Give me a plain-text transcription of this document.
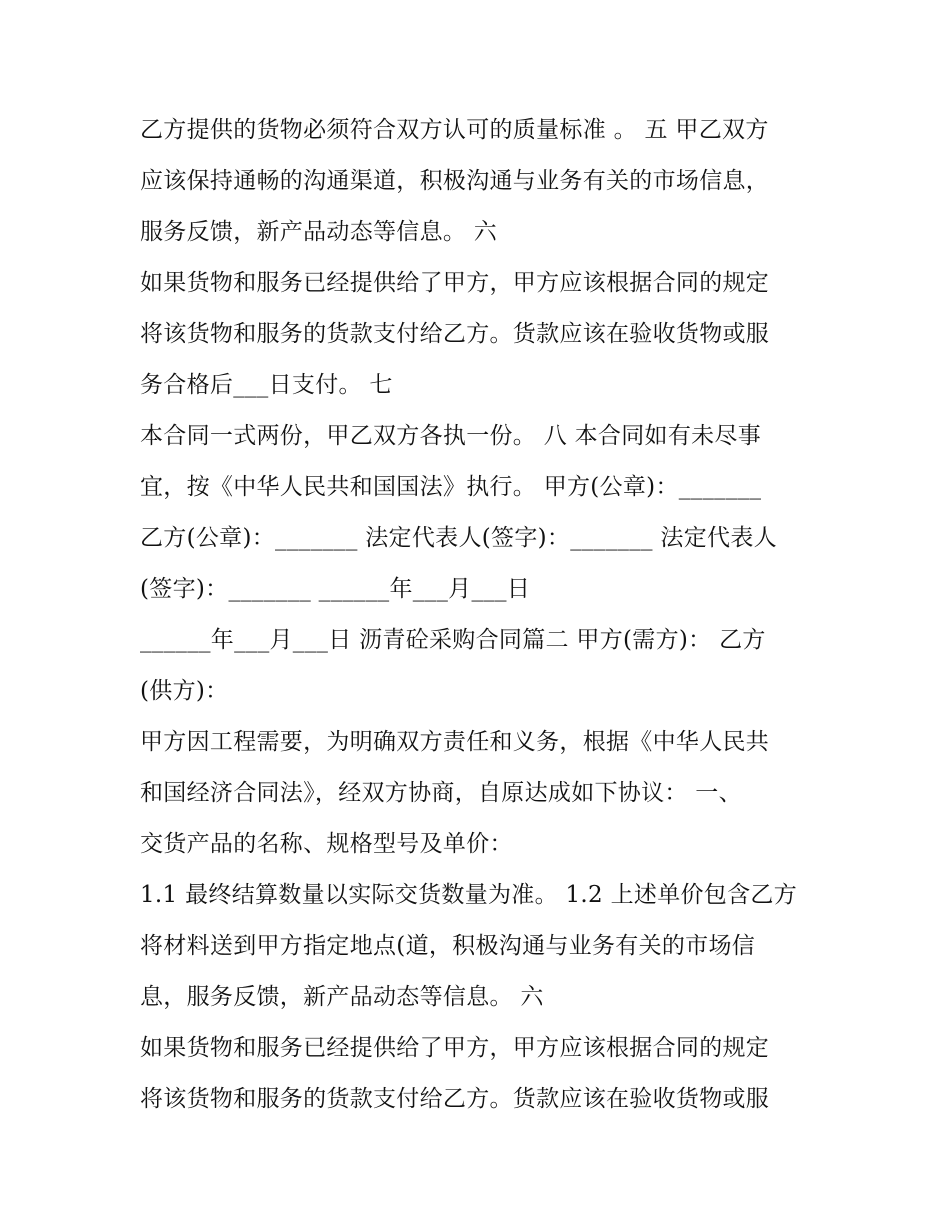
乙方提供的货物必须符合双方认可的质量标准 。 五 甲乙双方
应该保持通畅的沟通渠道，积极沟通与业务有关的市场信息，
服务反馈，新产品动态等信息。 六
如果货物和服务已经提供给了甲方，甲方应该根据合同的规定
将该货物和服务的货款支付给乙方。货款应该在验收货物或服
务合格后___日支付。 七
本合同一式两份，甲乙双方各执一份。 八 本合同如有未尽事
宜，按《中华人民共和国国法》执行。 甲方(公章)：_______
乙方(公章)：_______ 法定代表人(签字)：_______ 法定代表人
(签字)：_______ ______年___月___日
______年___月___日 沥青砼采购合同篇二 甲方(需方)： 乙方
(供方)：
甲方因工程需要，为明确双方责任和义务，根据《中华人民共
和国经济合同法》，经双方协商，自原达成如下协议： 一、
交货产品的名称、规格型号及单价：
1.1 最终结算数量以实际交货数量为准。 1.2 上述单价包含乙方
将材料送到甲方指定地点(道，积极沟通与业务有关的市场信
息，服务反馈，新产品动态等信息。 六
如果货物和服务已经提供给了甲方，甲方应该根据合同的规定
将该货物和服务的货款支付给乙方。货款应该在验收货物或服
